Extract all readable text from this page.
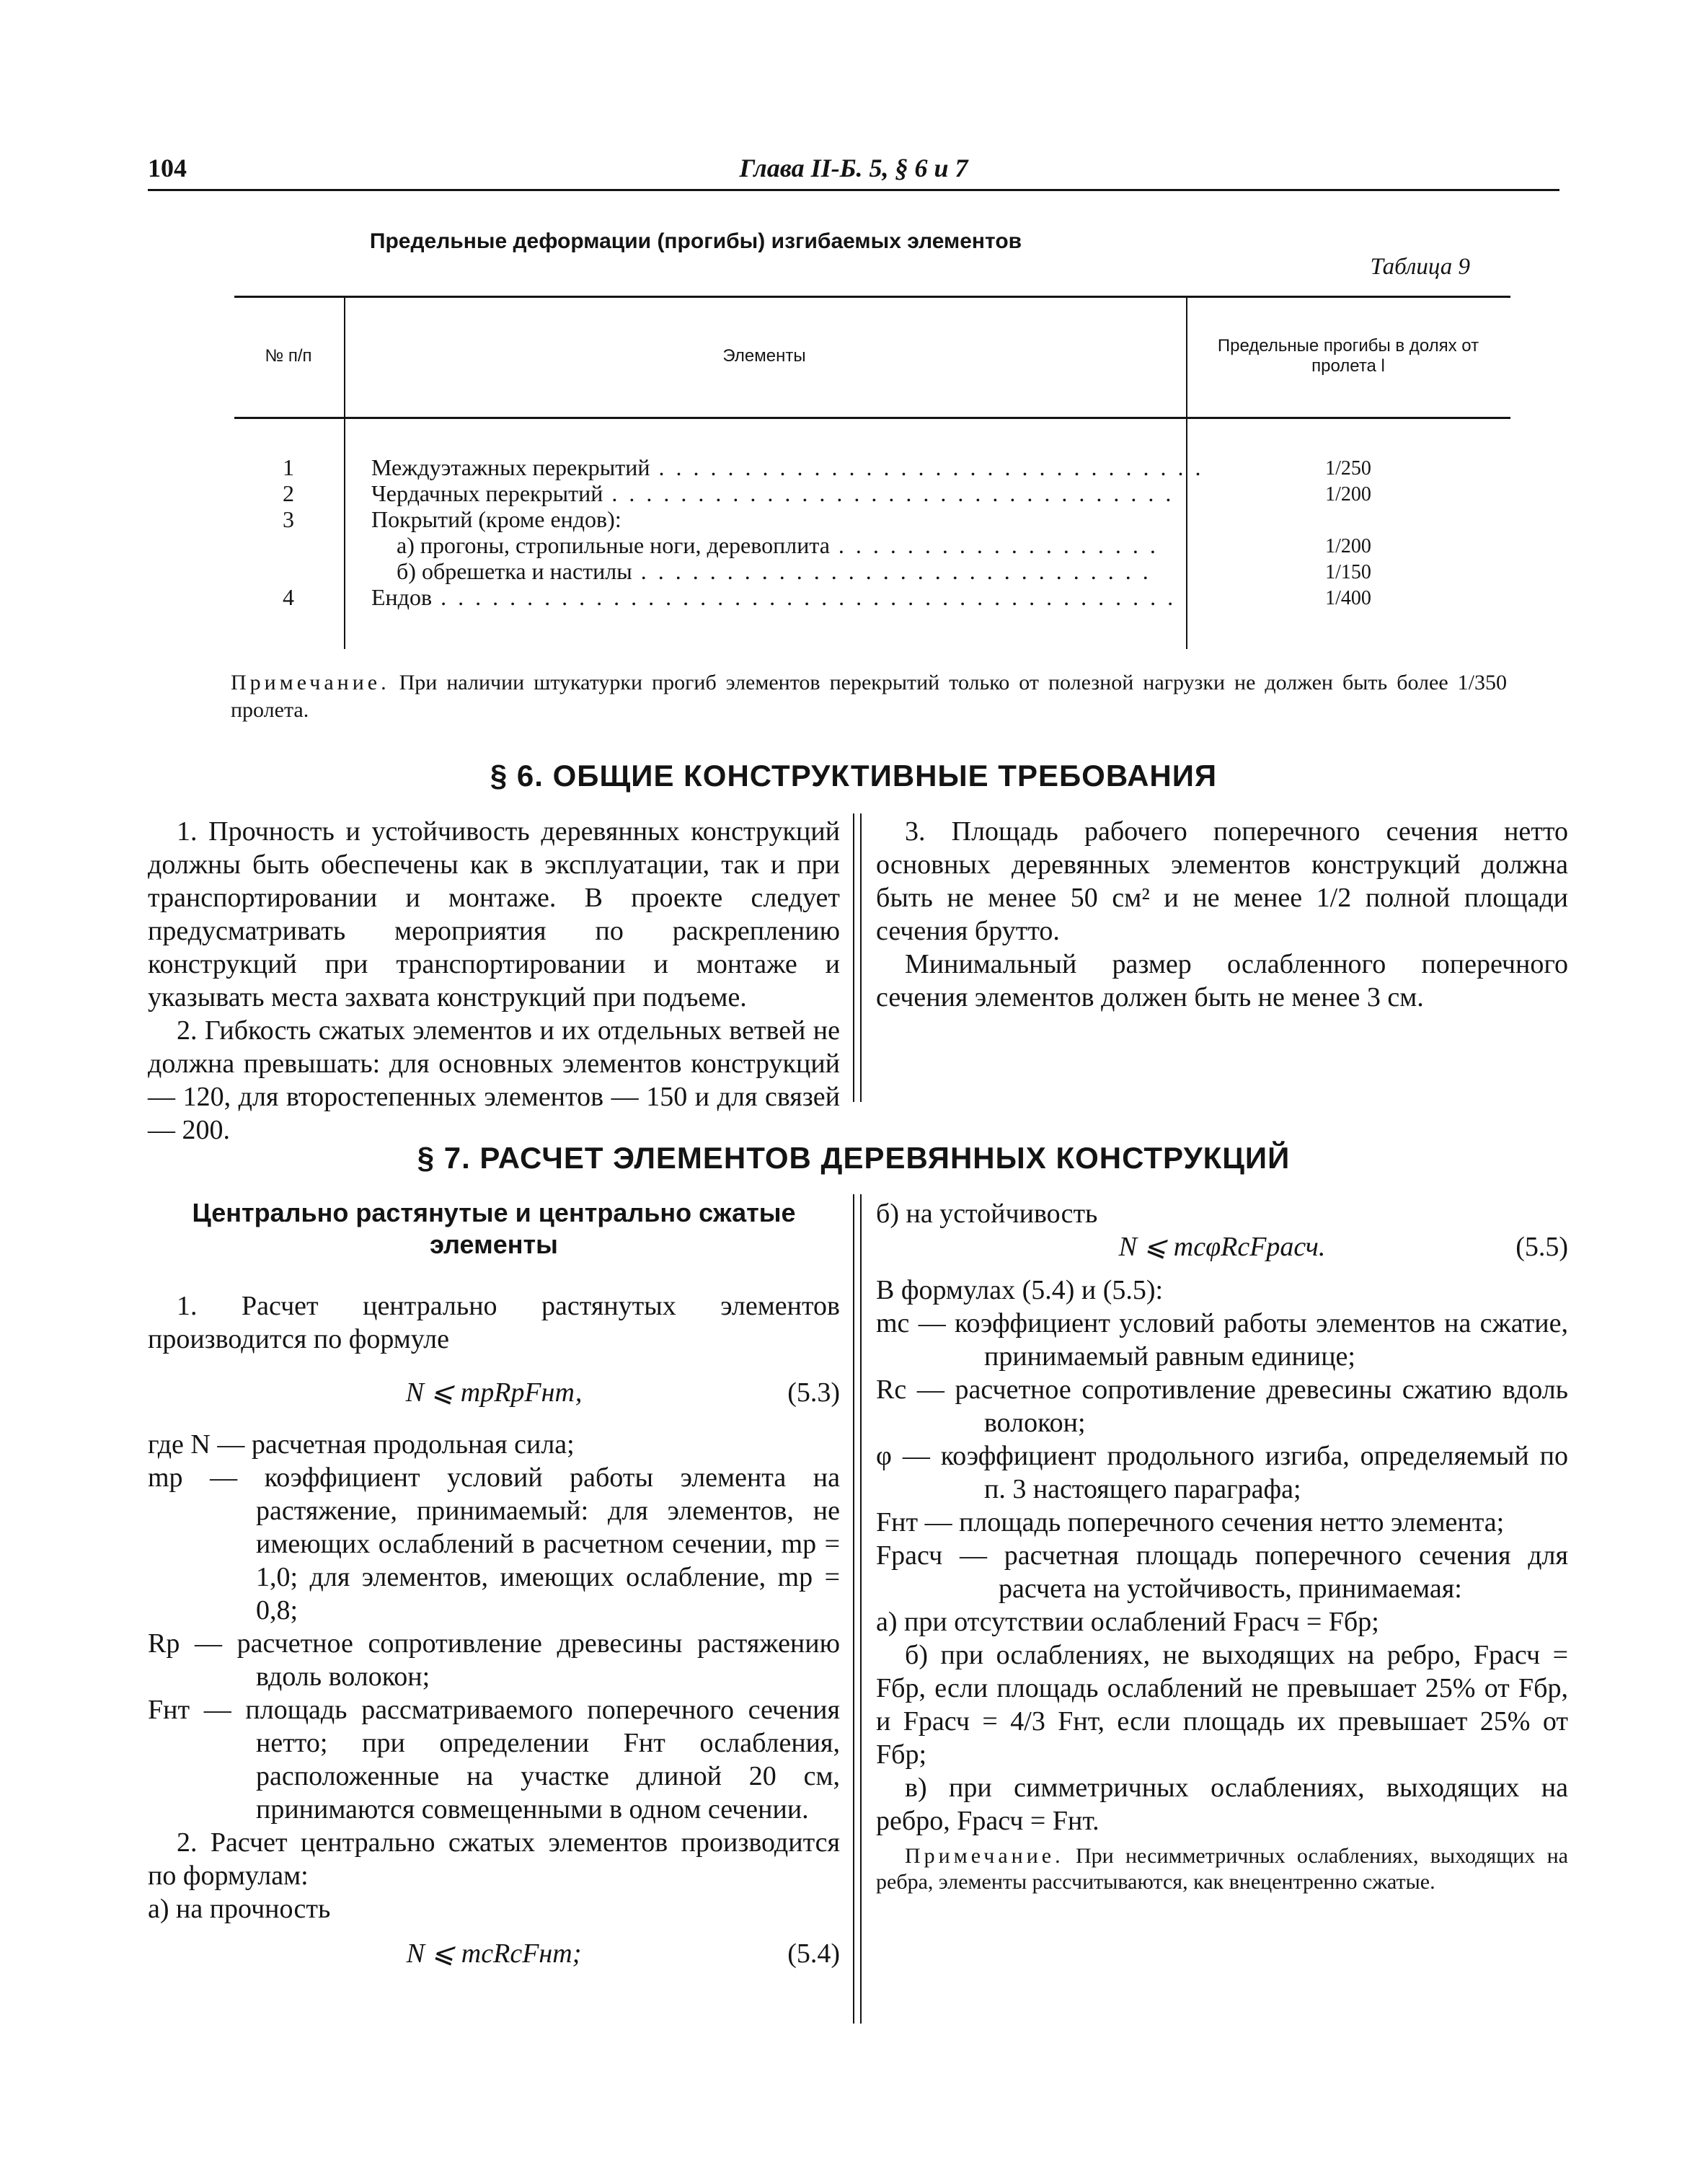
104	Глава II-Б. 5, § 6 и 7
Предельные деформации (прогибы) изгибаемых элементов
Таблица 9
№ п/п	Элементы
Предельные прогибы в долях от пролета l
1	Междуэтажных перекрытий . . . . . . . . . . . . . . . . . . . . . . . . . . . . . . . .	1/250
2	Чердачных перекрытий . . . . . . . . . . . . . . . . . . . . . . . . . . . . . . . . .	1/200
3	Покрытий (кроме ендов):
а) прогоны, стропильные ноги, деревоплита . . . . . . . . . . . . . . . . . . .	1/200
б) обрешетка и настилы . . . . . . . . . . . . . . . . . . . . . . . . . . . . . .	1/150
4	Ендов . . . . . . . . . . . . . . . . . . . . . . . . . . . . . . . . . . . . . . . . . . .	1/400
Примечание. При наличии штукатурки прогиб элементов перекрытий только от полезной нагрузки не должен быть более 1/350 пролета.
§ 6. ОБЩИЕ КОНСТРУКТИВНЫЕ ТРЕБОВАНИЯ

1. Прочность и устойчивость деревянных конструкций должны быть обеспечены как в эксплуатации, так и при транспортировании и монтаже. В проекте следует предусматривать мероприятия по раскреплению конструкций при транспортировании и монтаже и указывать места захвата конструкций при подъеме.

2. Гибкость сжатых элементов и их отдельных ветвей не должна превышать: для основных элементов конструкций — 120, для второстепенных элементов — 150 и для связей — 200.

3. Площадь рабочего поперечного сечения нетто основных деревянных элементов конструкций должна быть не менее 50 см² и не менее 1/2 полной площади сечения брутто.

Минимальный размер ослабленного поперечного сечения элементов должен быть не менее 3 см.

§ 7. РАСЧЕТ ЭЛЕМЕНТОВ ДЕРЕВЯННЫХ КОНСТРУКЦИЙ
Центрально растянутые и центрально сжатые элементы

1. Расчет центрально растянутых элементов производится по формуле

N ⩽ mрRрFнт,	(5.3)

где N — расчетная продольная сила;

mр — коэффициент условий работы элемента на растяжение, принимаемый: для элементов, не имеющих ослаблений в расчетном сечении, mр = 1,0; для элементов, имеющих ослабление, mр = 0,8;

Rр — расчетное сопротивление древесины растяжению вдоль волокон;

Fнт — площадь рассматриваемого поперечного сечения нетто; при определении Fнт ослабления, расположенные на участке длиной 20 см, принимаются совмещенными в одном сечении.

2. Расчет центрально сжатых элементов производится по формулам:

а) на прочность

N ⩽ mсRсFнт;	(5.4)

б) на устойчивость

N ⩽ mсφRсFрасч.	(5.5)

В формулах (5.4) и (5.5):

mс — коэффициент условий работы элементов на сжатие, принимаемый равным единице;

Rс — расчетное сопротивление древесины сжатию вдоль волокон;

φ — коэффициент продольного изгиба, определяемый по п. 3 настоящего параграфа;

Fнт — площадь поперечного сечения нетто элемента;

Fрасч — расчетная площадь поперечного сечения для расчета на устойчивость, принимаемая:

а) при отсутствии ослаблений Fрасч = Fбр;

б) при ослаблениях, не выходящих на ребро, Fрасч = Fбр, если площадь ослаблений не превышает 25% от Fбр, и Fрасч = 4/3 Fнт, если площадь их превышает 25% от Fбр;

в) при симметричных ослаблениях, выходящих на ребро, Fрасч = Fнт.

Примечание. При несимметричных ослаблениях, выходящих на ребра, элементы рассчитываются, как внецентренно сжатые.
